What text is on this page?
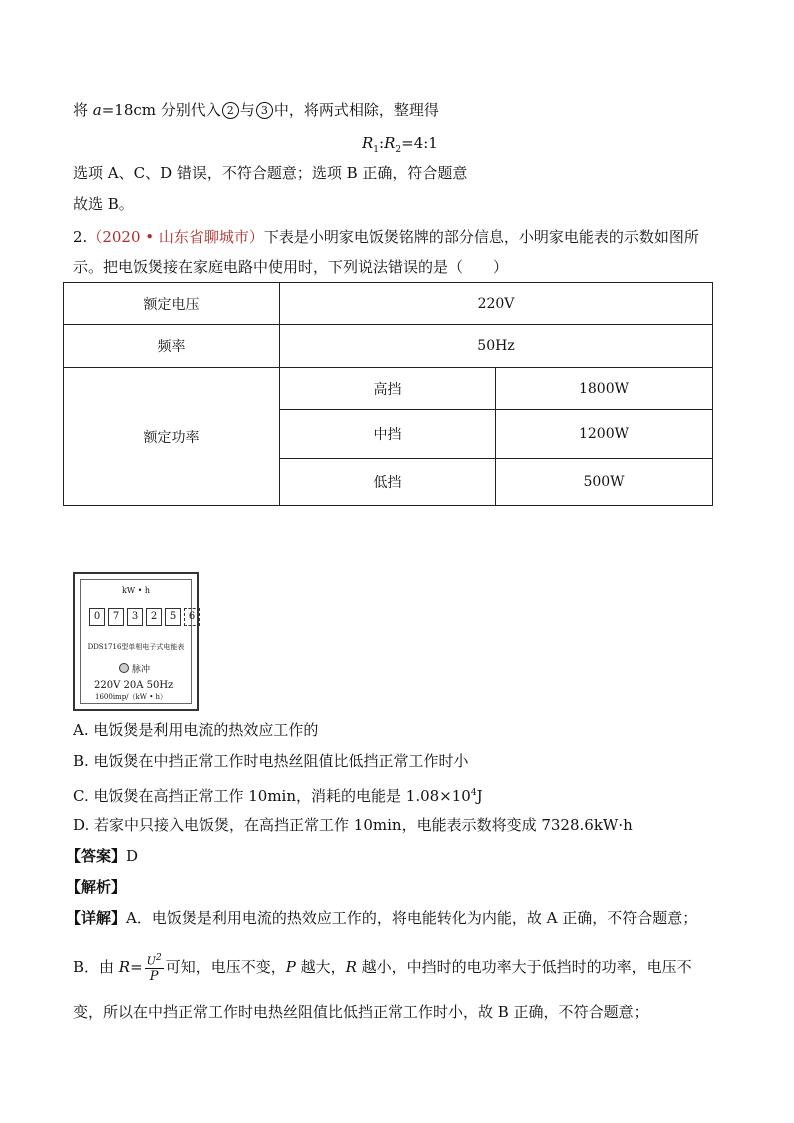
将 a=18cm 分别代入 2 与 3 中，将两式相除，整理得
$R_1:R_2=4:1$
选项 A、C、D 错误，不符合题意；选项 B 正确，符合题意
故选 B。
2.（2020 • 山东省聊城市）下表是小明家电饭煲铭牌的部分信息，小明家电能表的示数如图所
示。把电饭煲接在家庭电路中使用时，下列说法错误的是（　　）
额定电压	220V	
频率	50Hz	
额定功率	高挡	1800W
	中挡	1200W
	低挡	500W
kW • h
0	7	3	2	5	6
DDS1716型单相电子式电能表
脉冲
220V 20A 50Hz
1600imp/（kW • h）
A. 电饭煲是利用电流的热效应工作的
B. 电饭煲在中挡正常工作时电热丝阻值比低挡正常工作时小
C. 电饭煲在高挡正常工作 10min，消耗的电能是 $1.08\times 10^4J$
D. 若家中只接入电饭煲，在高挡正常工作 10min，电能表示数将变成 7328.6kW·h
【答案】D
【解析】
【详解】A．电饭煲是利用电流的热效应工作的，将电能转化为内能，故 A 正确，不符合题意；
B．由 $R= \frac{U^2}{P}$ 可知，电压不变，P 越大，R 越小，中挡时的电功率大于低挡时的功率，电压不
变，所以在中挡正常工作时电热丝阻值比低挡正常工作时小，故 B 正确，不符合题意；
